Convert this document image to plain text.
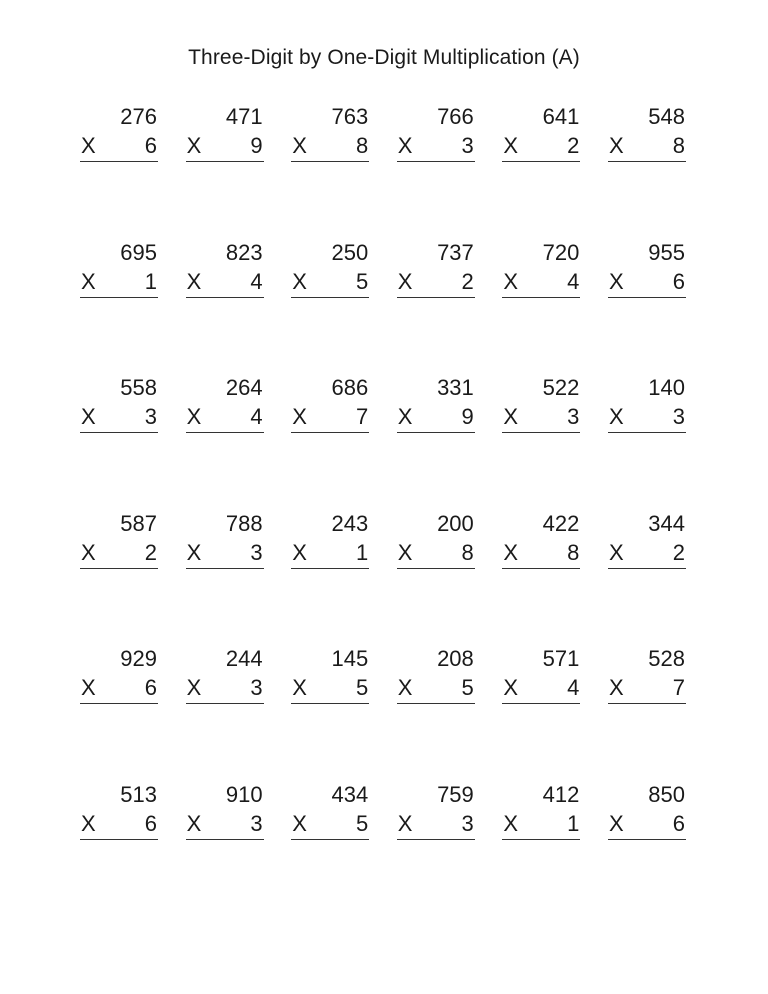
Three-Digit by One-Digit Multiplication (A)
276
X 6
471
X 9
763
X 8
766
X 3
641
X 2
548
X 8
695
X 1
823
X 4
250
X 5
737
X 2
720
X 4
955
X 6
558
X 3
264
X 4
686
X 7
331
X 9
522
X 3
140
X 3
587
X 2
788
X 3
243
X 1
200
X 8
422
X 8
344
X 2
929
X 6
244
X 3
145
X 5
208
X 5
571
X 4
528
X 7
513
X 6
910
X 3
434
X 5
759
X 3
412
X 1
850
X 6
